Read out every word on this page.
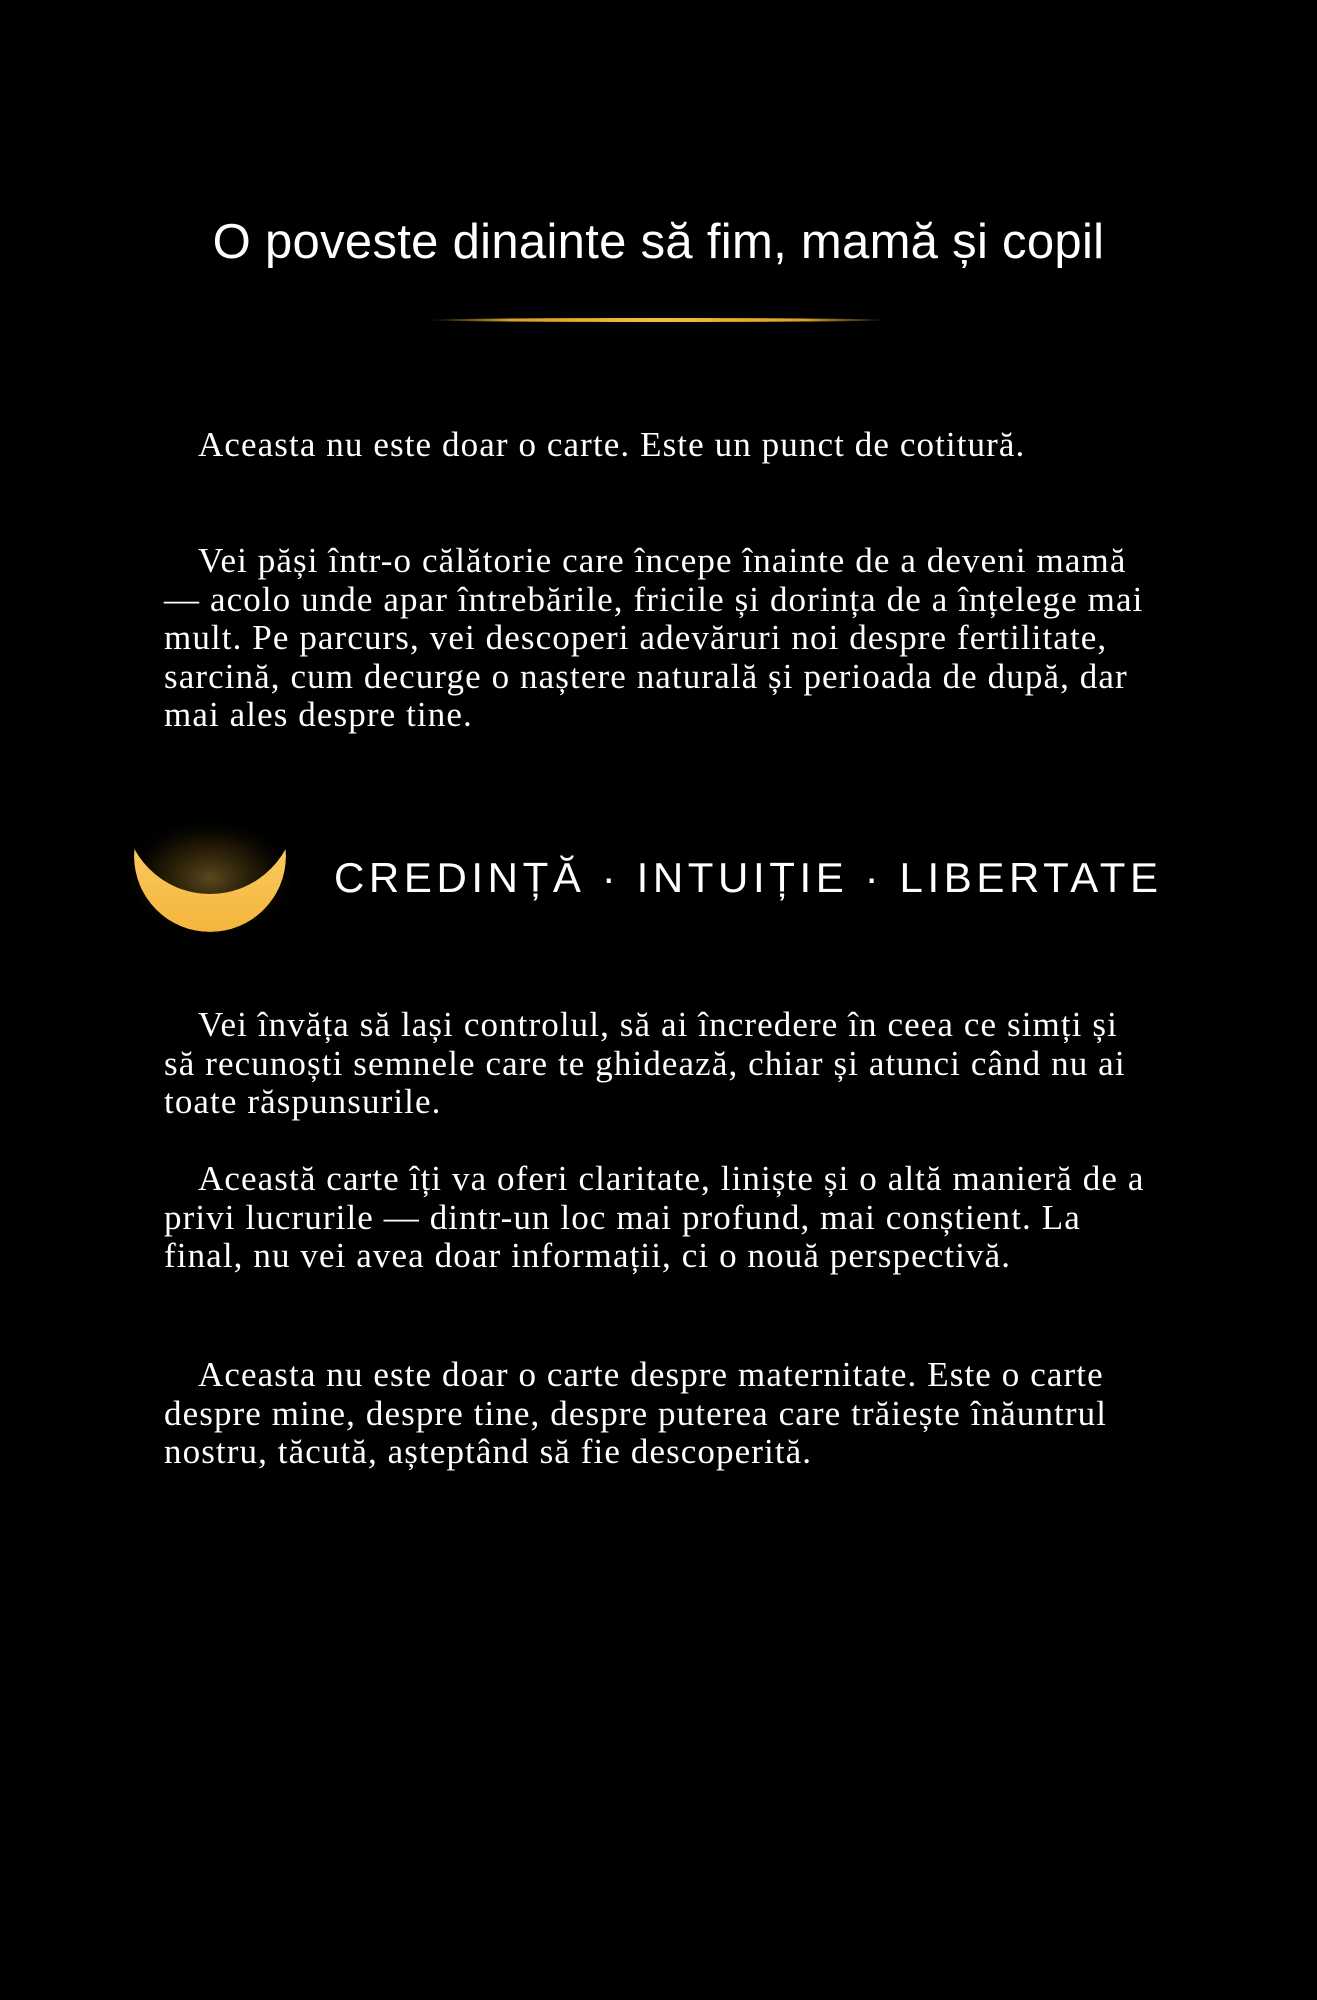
O poveste dinainte să fim, mamă și copil

Aceasta nu este doar o carte. Este un punct de cotitură.

Vei păși într-o călătorie care începe înainte de a deveni mamă — acolo unde apar întrebările, fricile și dorința de a înțelege mai mult. Pe parcurs, vei descoperi adevăruri noi despre fertilitate, sarcină, cum decurge o naștere naturală și perioada de după, dar mai ales despre tine.

CREDINȚĂ · INTUIȚIE · LIBERTATE

Vei învăța să lași controlul, să ai încredere în ceea ce simți și să recunoști semnele care te ghidează, chiar și atunci când nu ai toate răspunsurile.

Această carte îți va oferi claritate, liniște și o altă manieră de a privi lucrurile — dintr-un loc mai profund, mai conștient. La final, nu vei avea doar informații, ci o nouă perspectivă.

Aceasta nu este doar o carte despre maternitate. Este o carte despre mine, despre tine, despre puterea care trăiește înăuntrul nostru, tăcută, așteptând să fie descoperită.
